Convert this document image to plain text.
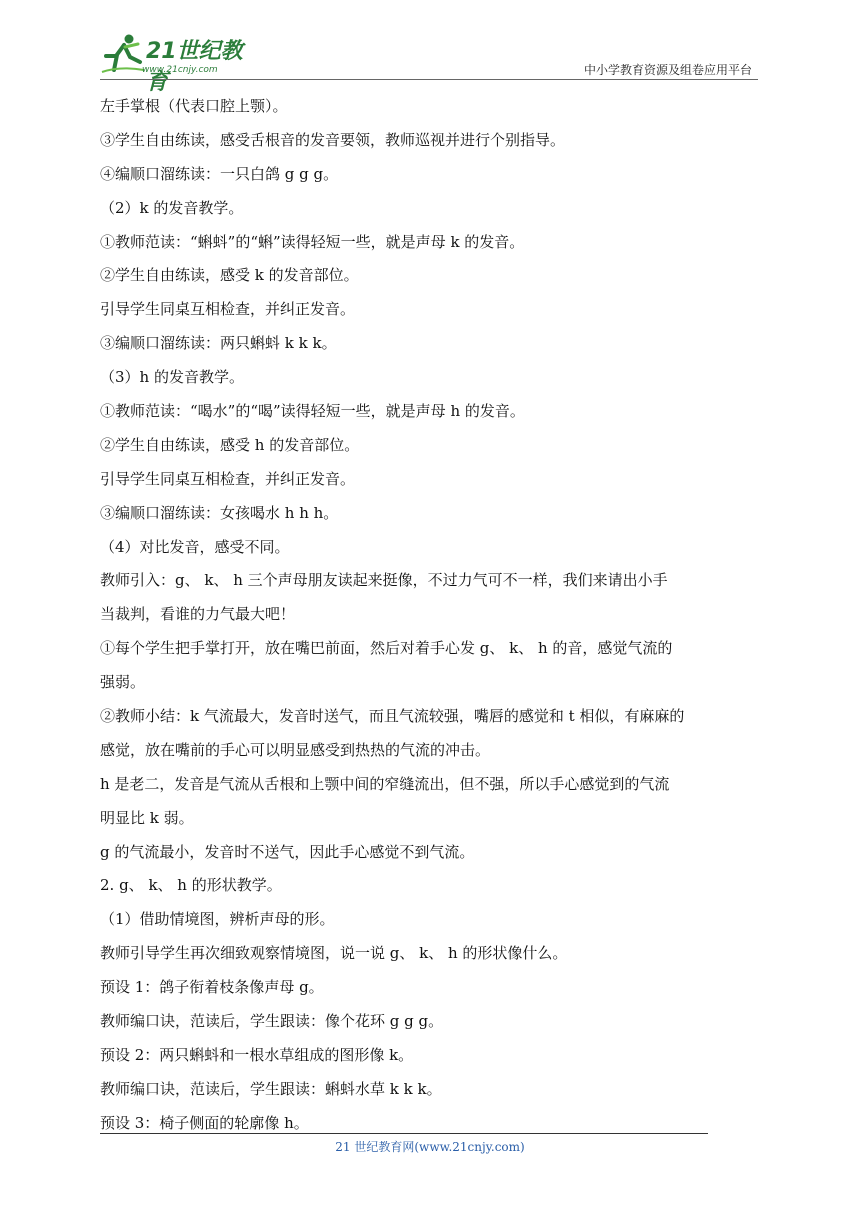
21世纪教育
www.21cnjy.com	中小学教育资源及组卷应用平台

左手掌根（代表口腔上颚）。

③学生自由练读，感受舌根音的发音要领，教师巡视并进行个别指导。

④编顺口溜练读：一只白鸽 g g g。

（2）k 的发音教学。

①教师范读：“蝌蚪”的“蝌”读得轻短一些，就是声母 k 的发音。

②学生自由练读，感受 k 的发音部位。

引导学生同桌互相检查，并纠正发音。

③编顺口溜练读：两只蝌蚪 k k k。

（3）h 的发音教学。

①教师范读：“喝水”的“喝”读得轻短一些，就是声母 h 的发音。

②学生自由练读，感受 h 的发音部位。

引导学生同桌互相检查，并纠正发音。

③编顺口溜练读：女孩喝水 h h h。

（4）对比发音，感受不同。

教师引入：g、 k、 h 三个声母朋友读起来挺像，不过力气可不一样，我们来请出小手

当裁判，看谁的力气最大吧！

①每个学生把手掌打开，放在嘴巴前面，然后对着手心发 g、 k、 h 的音，感觉气流的

强弱。

②教师小结：k 气流最大，发音时送气，而且气流较强，嘴唇的感觉和 t 相似，有麻麻的

感觉，放在嘴前的手心可以明显感受到热热的气流的冲击。

h 是老二，发音是气流从舌根和上颚中间的窄缝流出，但不强，所以手心感觉到的气流

明显比 k 弱。

g 的气流最小，发音时不送气，因此手心感觉不到气流。

2. g、 k、 h 的形状教学。

（1）借助情境图，辨析声母的形。

教师引导学生再次细致观察情境图，说一说 g、 k、 h 的形状像什么。

预设 1：鸽子衔着枝条像声母 g。

教师编口诀，范读后，学生跟读：像个花环 g g g。

预设 2：两只蝌蚪和一根水草组成的图形像 k。

教师编口诀，范读后，学生跟读：蝌蚪水草 k k k。

预设 3：椅子侧面的轮廓像 h。

21 世纪教育网(www.21cnjy.com)
